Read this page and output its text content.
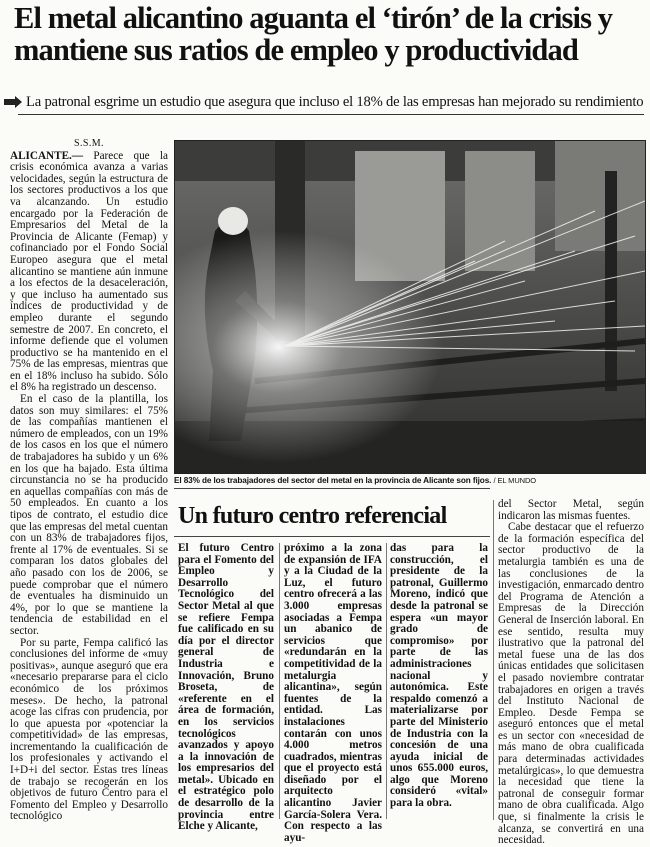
El metal alicantino aguanta el ‘tirón’ de la crisis y mantiene sus ratios de empleo y productividad
La patronal esgrime un estudio que asegura que incluso el 18% de las empresas han mejorado su rendimiento
S.S.M.

ALICANTE.— Parece que la crisis económica avanza a varias velocidades, según la estructura de los sectores productivos a los que va alcanzando. Un estudio encargado por la Federación de Empresarios del Metal de la Provincia de Alicante (Femap) y cofinanciado por el Fondo Social Europeo asegura que el metal alicantino se mantiene aún inmune a los efectos de la desaceleración, y que incluso ha aumentado sus índices de productividad y de empleo durante el segundo semestre de 2007. En concreto, el informe defiende que el volumen productivo se ha mantenido en el 75% de las empresas, mientras que en el 18% incluso ha subido. Sólo el 8% ha registrado un descenso.

En el caso de la plantilla, los datos son muy similares: el 75% de las compañías mantienen el número de empleados, con un 19% de los casos en los que el número de trabajadores ha subido y un 6% en los que ha bajado. Esta última circunstancia no se ha producido en aquellas compañías con más de 50 empleados. En cuanto a los tipos de contrato, el estudio dice que las empresas del metal cuentan con un 83% de trabajadores fijos, frente al 17% de eventuales. Si se comparan los datos globales del año pasado con los de 2006, se puede comprobar que el número de eventuales ha disminuido un 4%, por lo que se mantiene la tendencia de estabilidad en el sector.

Por su parte, Fempa calificó las conclusiones del informe de «muy positivas», aunque aseguró que era «necesario prepararse para el ciclo económico de los próximos meses». De hecho, la patronal acoge las cifras con prudencia, por lo que apuesta por «potenciar la competitividad» de las empresas, incrementando la cualificación de los profesionales y activando el I+D+i del sector. Estas tres líneas de trabajo se recogerán en los objetivos de futuro Centro para el Fomento del Empleo y Desarrollo tecnológico

El 83% de los trabajadores del sector del metal en la provincia de Alicante son fijos. / EL MUNDO
Un futuro centro referencial

El futuro Centro para el Fomento del Empleo y Desarrollo Tecnológico del Sector Metal al que se refiere Fempa fue calificado en su día por el director general de Industria e Innovación, Bruno Broseta, de «referente en el área de formación, en los servicios tecnológicos avanzados y apoyo a la innovación de los empresarios del metal». Ubicado en el estratégico polo de desarrollo de la provincia entre Elche y Alicante,

próximo a la zona de expansión de IFA y a la Ciudad de la Luz, el futuro centro ofrecerá a las 3.000 empresas asociadas a Fempa un abanico de servicios que «redundarán en la competitividad de la metalurgia alicantina», según fuentes de la entidad. Las instalaciones contarán con unos 4.000 metros cuadrados, mientras que el proyecto está diseñado por el arquitecto alicantino Javier García-Solera Vera. Con respecto a las ayu-

das para la construcción, el presidente de la patronal, Guillermo Moreno, indicó que desde la patronal se espera «un mayor grado de compromiso» por parte de las administraciones nacional y autonómica. Este respaldo comenzó a materializarse por parte del Ministerio de Industria con la concesión de una ayuda inicial de unos 655.000 euros, algo que Moreno consideró «vital» para la obra.

del Sector Metal, según indicaron las mismas fuentes.

Cabe destacar que el refuerzo de la formación específica del sector productivo de la metalurgia también es una de las conclusiones de la investigación, enmarcado dentro del Programa de Atención a Empresas de la Dirección General de Inserción laboral. En ese sentido, resulta muy ilustrativo que la patronal del metal fuese una de las dos únicas entidades que solicitasen el pasado noviembre contratar trabajadores en origen a través del Instituto Nacional de Empleo. Desde Fempa se aseguró entonces que el metal es un sector con «necesidad de más mano de obra cualificada para determinadas actividades metalúrgicas», lo que demuestra la necesidad que tiene la patronal de conseguir formar mano de obra cualificada. Algo que, si finalmente la crisis le alcanza, se convertirá en una necesidad.
